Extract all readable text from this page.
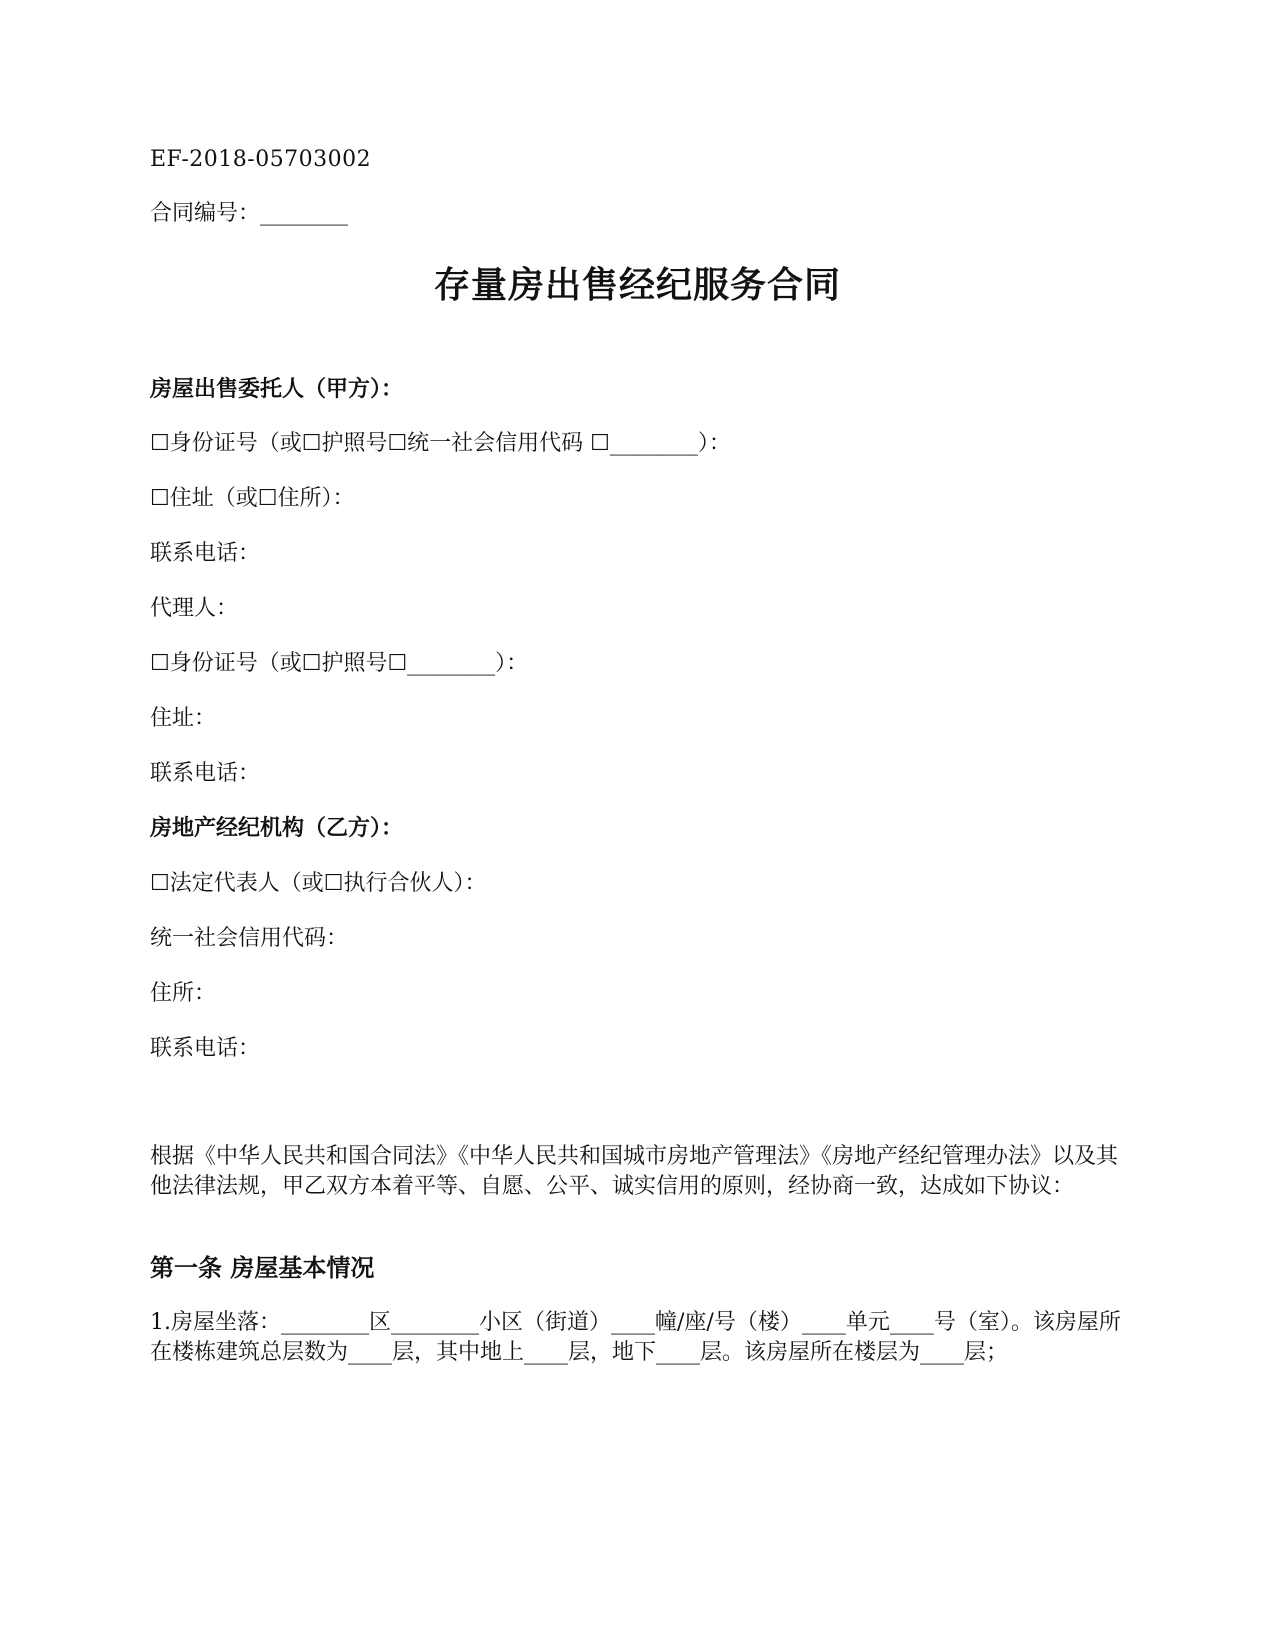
EF-2018-05703002
合同编号：________
存量房出售经纪服务合同
房屋出售委托人（甲方）：
☐身份证号（或☐护照号☐统一社会信用代码 ☐________）：
☐住址（或☐住所）：
联系电话：
代理人：
☐身份证号（或☐护照号☐________）：
住址：
联系电话：
房地产经纪机构（乙方）：
☐法定代表人（或☐执行合伙人）：
统一社会信用代码：
住所：
联系电话：
根据《中华人民共和国合同法》《中华人民共和国城市房地产管理法》《房地产经纪管理办法》以及其他法律法规，甲乙双方本着平等、自愿、公平、诚实信用的原则，经协商一致，达成如下协议：
第一条 房屋基本情况
1.房屋坐落：________区________小区（街道）____幢/座/号（楼）____单元____号（室）。该房屋所在楼栋建筑总层数为____层，其中地上____层，地下____层。该房屋所在楼层为____层；
